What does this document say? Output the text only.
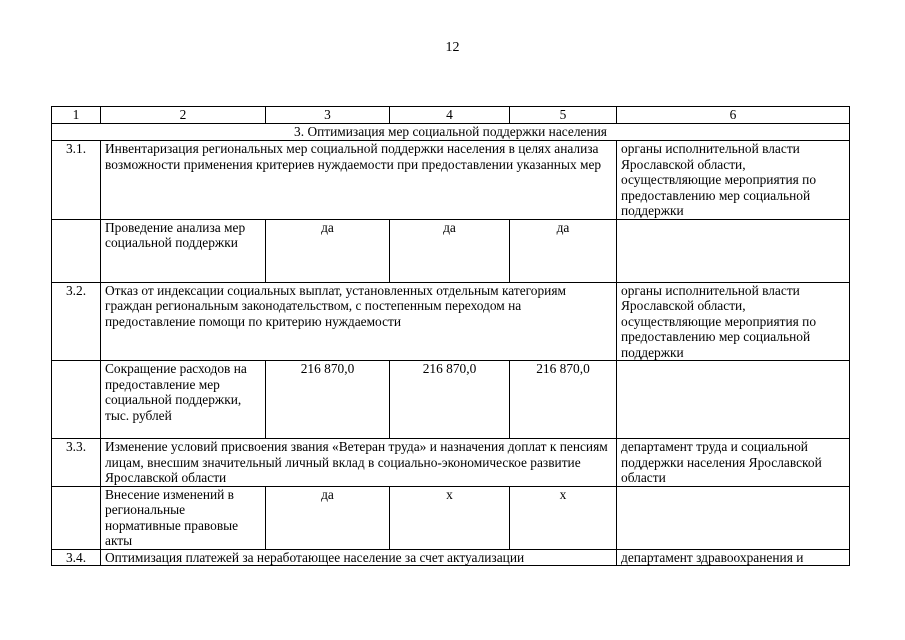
12
1	2	3	4	5	6
3. Оптимизация мер социальной поддержки населения					
3.1.	Инвентаризация региональных мер социальной поддержки населения в целях анализа возможности применения критериев нуждаемости при предоставлении указанных мер				органы исполнительной власти Ярославской области, осуществляющие мероприятия по предоставлению мер социальной поддержки
	Проведение анализа мер социальной поддержки	да	да	да	
3.2.	Отказ от индексации социальных выплат, установленных отдельным категориям граждан региональным законодательством, с постепенным переходом на предоставление помощи по критерию нуждаемости				органы исполнительной власти Ярославской области, осуществляющие мероприятия по предоставлению мер социальной поддержки
	Сокращение расходов на предоставление мер социальной поддержки, тыс. рублей	216 870,0	216 870,0	216 870,0	
3.3.	Изменение условий присвоения звания «Ветеран труда» и назначения доплат к пенсиям лицам, внесшим значительный личный вклад в социально-экономическое развитие Ярославской области				департамент труда и социальной поддержки населения Ярославской области
	Внесение изменений в региональные нормативные правовые акты	да	х	х	
3.4.	Оптимизация платежей за неработающее население за счет актуализации				департамент здравоохранения и
